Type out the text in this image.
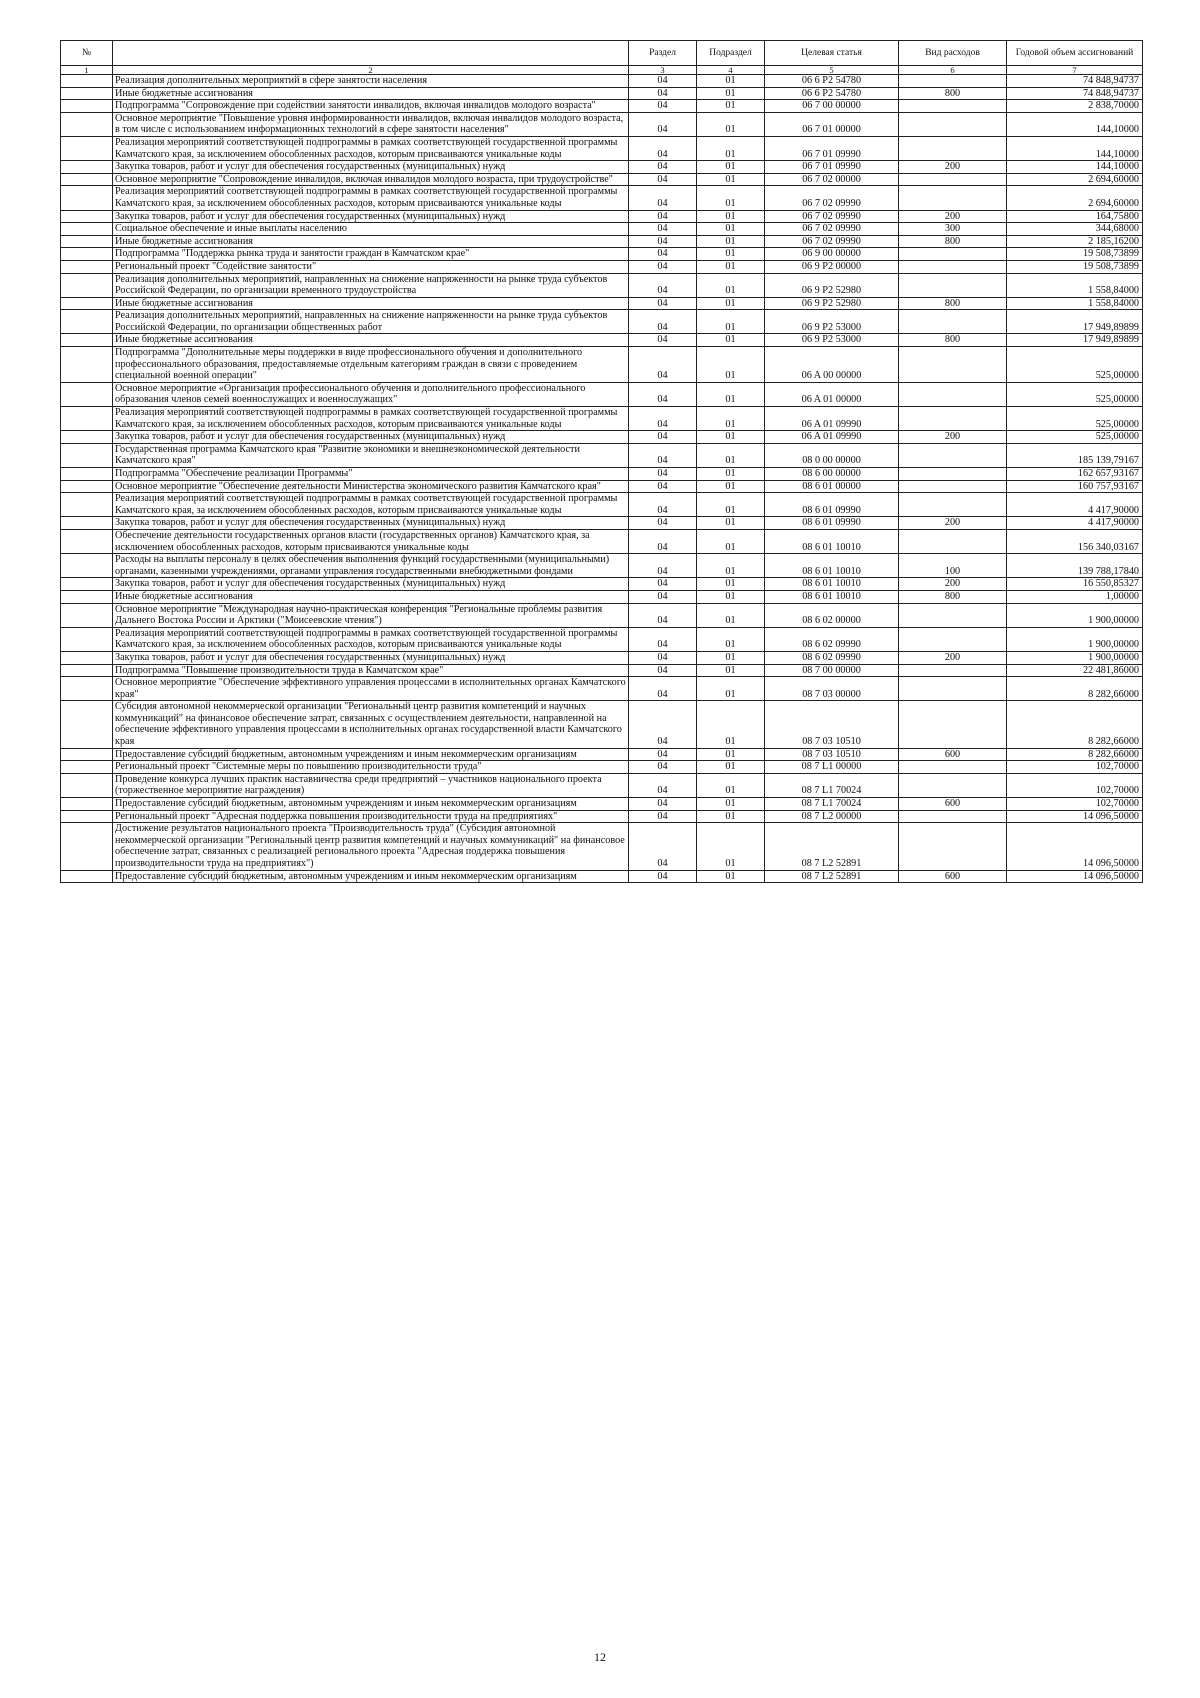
№		Раздел	Подраздел	Целевая статья	Вид расходов	Годовой объем ассигнований
1	2	3	4	5	6	7
	Реализация дополнительных мероприятий в сфере занятости населения	04	01	06 6 P2 54780		74 848,94737
	Иные бюджетные ассигнования	04	01	06 6 P2 54780	800	74 848,94737
	Подпрограмма "Сопровождение при содействии занятости инвалидов, включая инвалидов молодого возраста"	04	01	06 7 00 00000		2 838,70000
	Основное мероприятие "Повышение уровня информированности инвалидов, включая инвалидов молодого возраста, в том числе с использованием информационных технологий в сфере занятости населения"	04	01	06 7 01 00000		144,10000
	Реализация мероприятий соответствующей подпрограммы в рамках соответствующей государственной программы Камчатского края, за исключением обособленных расходов, которым присваиваются уникальные коды	04	01	06 7 01 09990		144,10000
	Закупка товаров, работ и услуг для обеспечения государственных (муниципальных) нужд	04	01	06 7 01 09990	200	144,10000
	Основное мероприятие "Сопровождение инвалидов, включая инвалидов молодого возраста, при трудоустройстве"	04	01	06 7 02 00000		2 694,60000
	Реализация мероприятий соответствующей подпрограммы в рамках соответствующей государственной программы Камчатского края, за исключением обособленных расходов, которым присваиваются уникальные коды	04	01	06 7 02 09990		2 694,60000
	Закупка товаров, работ и услуг для обеспечения государственных (муниципальных) нужд	04	01	06 7 02 09990	200	164,75800
	Социальное обеспечение и иные выплаты населению	04	01	06 7 02 09990	300	344,68000
	Иные бюджетные ассигнования	04	01	06 7 02 09990	800	2 185,16200
	Подпрограмма "Поддержка рынка труда и занятости граждан в Камчатском крае"	04	01	06 9 00 00000		19 508,73899
	Региональный проект "Содействие занятости"	04	01	06 9 P2 00000		19 508,73899
	Реализация дополнительных мероприятий, направленных на снижение напряженности на рынке труда субъектов Российской Федерации, по организации временного трудоустройства	04	01	06 9 P2 52980		1 558,84000
	Иные бюджетные ассигнования	04	01	06 9 P2 52980	800	1 558,84000
	Реализация дополнительных мероприятий, направленных на снижение напряженности на рынке труда субъектов Российской Федерации, по организации общественных работ	04	01	06 9 P2 53000		17 949,89899
	Иные бюджетные ассигнования	04	01	06 9 P2 53000	800	17 949,89899
	Подпрограмма "Дополнительные меры поддержки в виде профессионального обучения и дополнительного профессионального образования, предоставляемые отдельным категориям граждан в связи с проведением специальной военной операции"	04	01	06 A 00 00000		525,00000
	Основное мероприятие «Организация профессионального обучения и дополнительного профессионального образования членов семей военнослужащих и военнослужащих"	04	01	06 A 01 00000		525,00000
	Реализация мероприятий соответствующей подпрограммы в рамках соответствующей государственной программы Камчатского края, за исключением обособленных расходов, которым присваиваются уникальные коды	04	01	06 A 01 09990		525,00000
	Закупка товаров, работ и услуг для обеспечения государственных (муниципальных) нужд	04	01	06 A 01 09990	200	525,00000
	Государственная программа Камчатского края "Развитие экономики и внешнеэкономической деятельности Камчатского края"	04	01	08 0 00 00000		185 139,79167
	Подпрограмма "Обеспечение реализации Программы"	04	01	08 6 00 00000		162 657,93167
	Основное мероприятие "Обеспечение деятельности Министерства экономического развития Камчатского края"	04	01	08 6 01 00000		160 757,93167
	Реализация мероприятий соответствующей подпрограммы в рамках соответствующей государственной программы Камчатского края, за исключением обособленных расходов, которым присваиваются уникальные коды	04	01	08 6 01 09990		4 417,90000
	Закупка товаров, работ и услуг для обеспечения государственных (муниципальных) нужд	04	01	08 6 01 09990	200	4 417,90000
	Обеспечение деятельности государственных органов власти (государственных органов) Камчатского края, за исключением обособленных расходов, которым присваиваются уникальные коды	04	01	08 6 01 10010		156 340,03167
	Расходы на выплаты персоналу в целях обеспечения выполнения функций государственными (муниципальными) органами, казенными учреждениями, органами управления государственными внебюджетными фондами	04	01	08 6 01 10010	100	139 788,17840
	Закупка товаров, работ и услуг для обеспечения государственных (муниципальных) нужд	04	01	08 6 01 10010	200	16 550,85327
	Иные бюджетные ассигнования	04	01	08 6 01 10010	800	1,00000
	Основное мероприятие "Международная научно-практическая конференция "Региональные проблемы развития Дальнего Востока России и Арктики ("Моисеевские чтения")	04	01	08 6 02 00000		1 900,00000
	Реализация мероприятий соответствующей подпрограммы в рамках соответствующей государственной программы Камчатского края, за исключением обособленных расходов, которым присваиваются уникальные коды	04	01	08 6 02 09990		1 900,00000
	Закупка товаров, работ и услуг для обеспечения государственных (муниципальных) нужд	04	01	08 6 02 09990	200	1 900,00000
	Подпрограмма "Повышение производительности труда в Камчатском крае"	04	01	08 7 00 00000		22 481,86000
	Основное мероприятие "Обеспечение эффективного управления процессами в исполнительных органах Камчатского края"	04	01	08 7 03 00000		8 282,66000
	Субсидия автономной некоммерческой организации "Региональный центр развития компетенций и научных коммуникаций" на финансовое обеспечение затрат, связанных с осуществлением деятельности, направленной на обеспечение эффективного управления процессами в исполнительных органах государственной власти Камчатского края	04	01	08 7 03 10510		8 282,66000
	Предоставление субсидий бюджетным, автономным учреждениям и иным некоммерческим организациям	04	01	08 7 03 10510	600	8 282,66000
	Региональный проект "Системные меры по повышению производительности труда"	04	01	08 7 L1 00000		102,70000
	Проведение конкурса лучших практик наставничества среди предприятий – участников национального проекта (торжественное мероприятие награждения)	04	01	08 7 L1 70024		102,70000
	Предоставление субсидий бюджетным, автономным учреждениям и иным некоммерческим организациям	04	01	08 7 L1 70024	600	102,70000
	Региональный проект "Адресная поддержка повышения производительности труда на предприятиях"	04	01	08 7 L2 00000		14 096,50000
	Достижение результатов национального проекта "Производительность труда" (Субсидия автономной некоммерческой организации "Региональный центр развития компетенций и научных коммуникаций" на финансовое обеспечение затрат, связанных с реализацией регионального проекта "Адресная поддержка повышения производительности труда на предприятиях")	04	01	08 7 L2 52891		14 096,50000
	Предоставление субсидий бюджетным, автономным учреждениям и иным некоммерческим организациям	04	01	08 7 L2 52891	600	14 096,50000
12
